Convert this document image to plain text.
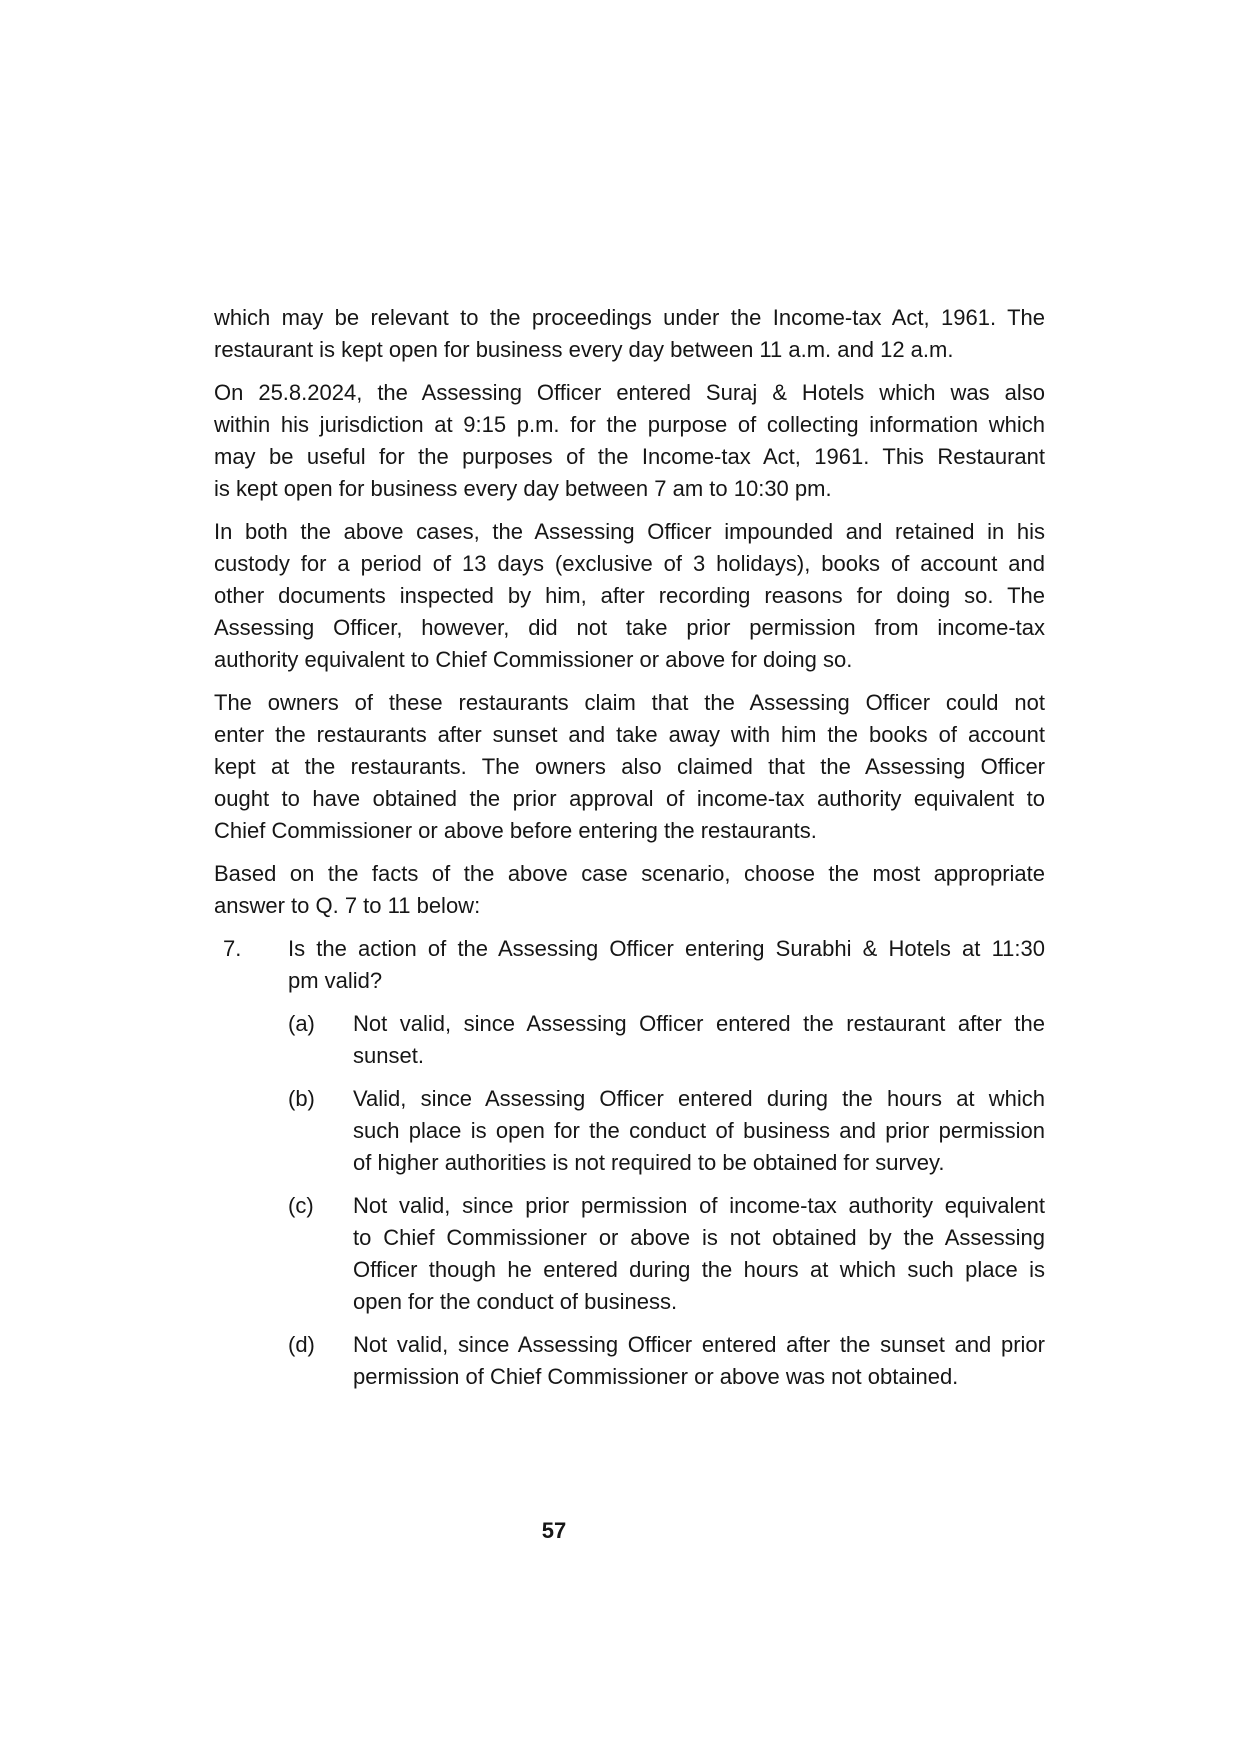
which may be relevant to the proceedings under the Income-tax Act, 1961. The
restaurant is kept open for business every day between 11 a.m. and 12 a.m.
On 25.8.2024, the Assessing Officer entered Suraj & Hotels which was also
within his jurisdiction at 9:15 p.m. for the purpose of collecting information which
may be useful for the purposes of the Income-tax Act, 1961. This Restaurant
is kept open for business every day between 7 am to 10:30 pm.
In both the above cases, the Assessing Officer impounded and retained in his
custody for a period of 13 days (exclusive of 3 holidays), books of account and
other documents inspected by him, after recording reasons for doing so. The
Assessing Officer, however, did not take prior permission from income-tax
authority equivalent to Chief Commissioner or above for doing so.
The owners of these restaurants claim that the Assessing Officer could not
enter the restaurants after sunset and take away with him the books of account
kept at the restaurants. The owners also claimed that the Assessing Officer
ought to have obtained the prior approval of income-tax authority equivalent to
Chief Commissioner or above before entering the restaurants.
Based on the facts of the above case scenario, choose the most appropriate
answer to Q. 7 to 11 below:
7. Is the action of the Assessing Officer entering Surabhi & Hotels at 11:30
pm valid?
(a) Not valid, since Assessing Officer entered the restaurant after the
sunset.
(b) Valid, since Assessing Officer entered during the hours at which
such place is open for the conduct of business and prior permission
of higher authorities is not required to be obtained for survey.
(c) Not valid, since prior permission of income-tax authority equivalent
to Chief Commissioner or above is not obtained by the Assessing
Officer though he entered during the hours at which such place is
open for the conduct of business.
(d) Not valid, since Assessing Officer entered after the sunset and prior
permission of Chief Commissioner or above was not obtained.
57
